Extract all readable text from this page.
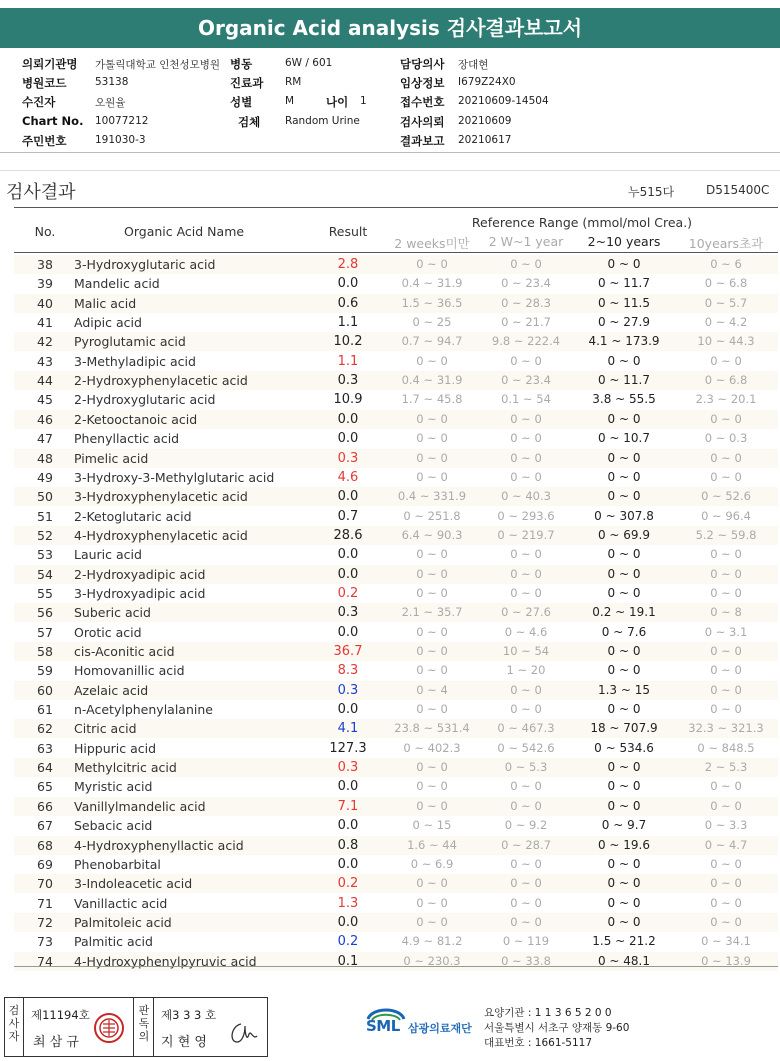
Organic Acid analysis 검사결과보고서
의뢰기관명 가톨릭대학교 인천성모병원 병동	6W / 601	담당의사 장대현
병원코드	53138	진료과 RM	임상정보 I679Z24X0
수진자	오원율	성별	M	나이 1	접수번호 20210609-14504
Chart No. 10077212	검체 Random Urine	검사의뢰 20210609
주민번호	191030-3	결과보고 20210617
검사결과	누515다	D515400C
No.	Organic Acid Name	Result
Reference Range (mmol/mol Crea.)
2 weeks미만	2 W~1 year	2~10 years	10years초과
38	3-Hydroxyglutaric acid	2.8	0 ~ 0	0 ~ 0	0 ~ 0	0 ~ 6
39	Mandelic acid	0.0	0.4 ~ 31.9	0 ~ 23.4	0 ~ 11.7	0 ~ 6.8
40	Malic acid	0.6	1.5 ~ 36.5	0 ~ 28.3	0 ~ 11.5	0 ~ 5.7
41	Adipic acid	1.1	0 ~ 25	0 ~ 21.7	0 ~ 27.9	0 ~ 4.2
42	Pyroglutamic acid	10.2	0.7 ~ 94.7	9.8 ~ 222.4	4.1 ~ 173.9	10 ~ 44.3
43	3-Methyladipic acid	1.1	0 ~ 0	0 ~ 0	0 ~ 0	0 ~ 0
44	2-Hydroxyphenylacetic acid	0.3	0.4 ~ 31.9	0 ~ 23.4	0 ~ 11.7	0 ~ 6.8
45	2-Hydroxyglutaric acid	10.9	1.7 ~ 45.8	0.1 ~ 54	3.8 ~ 55.5	2.3 ~ 20.1
46	2-Ketooctanoic acid	0.0	0 ~ 0	0 ~ 0	0 ~ 0	0 ~ 0
47	Phenyllactic acid	0.0	0 ~ 0	0 ~ 0	0 ~ 10.7	0 ~ 0.3
48	Pimelic acid	0.3	0 ~ 0	0 ~ 0	0 ~ 0	0 ~ 0
49	3-Hydroxy-3-Methylglutaric acid	4.6	0 ~ 0	0 ~ 0	0 ~ 0	0 ~ 0
50	3-Hydroxyphenylacetic acid	0.0	0.4 ~ 331.9	0 ~ 40.3	0 ~ 0	0 ~ 52.6
51	2-Ketoglutaric acid	0.7	0 ~ 251.8	0 ~ 293.6	0 ~ 307.8	0 ~ 96.4
52	4-Hydroxyphenylacetic acid	28.6	6.4 ~ 90.3	0 ~ 219.7	0 ~ 69.9	5.2 ~ 59.8
53	Lauric acid	0.0	0 ~ 0	0 ~ 0	0 ~ 0	0 ~ 0
54	2-Hydroxyadipic acid	0.0	0 ~ 0	0 ~ 0	0 ~ 0	0 ~ 0
55	3-Hydroxyadipic acid	0.2	0 ~ 0	0 ~ 0	0 ~ 0	0 ~ 0
56	Suberic acid	0.3	2.1 ~ 35.7	0 ~ 27.6	0.2 ~ 19.1	0 ~ 8
57	Orotic acid	0.0	0 ~ 0	0 ~ 4.6	0 ~ 7.6	0 ~ 3.1
58	cis-Aconitic acid	36.7	0 ~ 0	10 ~ 54	0 ~ 0	0 ~ 0
59	Homovanillic acid	8.3	0 ~ 0	1 ~ 20	0 ~ 0	0 ~ 0
60	Azelaic acid	0.3	0 ~ 4	0 ~ 0	1.3 ~ 15	0 ~ 0
61	n-Acetylphenylalanine	0.0	0 ~ 0	0 ~ 0	0 ~ 0	0 ~ 0
62	Citric acid	4.1	23.8 ~ 531.4	0 ~ 467.3	18 ~ 707.9	32.3 ~ 321.3
63	Hippuric acid	127.3	0 ~ 402.3	0 ~ 542.6	0 ~ 534.6	0 ~ 848.5
64	Methylcitric acid	0.3	0 ~ 0	0 ~ 5.3	0 ~ 0	2 ~ 5.3
65	Myristic acid	0.0	0 ~ 0	0 ~ 0	0 ~ 0	0 ~ 0
66	Vanillylmandelic acid	7.1	0 ~ 0	0 ~ 0	0 ~ 0	0 ~ 0
67	Sebacic acid	0.0	0 ~ 15	0 ~ 9.2	0 ~ 9.7	0 ~ 3.3
68	4-Hydroxyphenyllactic acid	0.8	1.6 ~ 44	0 ~ 28.7	0 ~ 19.6	0 ~ 4.7
69	Phenobarbital	0.0	0 ~ 6.9	0 ~ 0	0 ~ 0	0 ~ 0
70	3-Indoleacetic acid	0.2	0 ~ 0	0 ~ 0	0 ~ 0	0 ~ 0
71	Vanillactic acid	1.3	0 ~ 0	0 ~ 0	0 ~ 0	0 ~ 0
72	Palmitoleic acid	0.0	0 ~ 0	0 ~ 0	0 ~ 0	0 ~ 0
73	Palmitic acid	0.2	4.9 ~ 81.2	0 ~ 119	1.5 ~ 21.2	0 ~ 34.1
74	4-Hydroxyphenylpyruvic acid	0.1	0 ~ 230.3	0 ~ 33.8	0 ~ 48.1	0 ~ 13.9
검
사
자
제11194호
최 삼 규
판
독
의
제3 3 3 호
지 현 영
SML 삼광의료재단
요양기관 : 1 1 3 6 5 2 0 0
서울특별시 서초구 양재동 9-60
대표번호 : 1661-5117
